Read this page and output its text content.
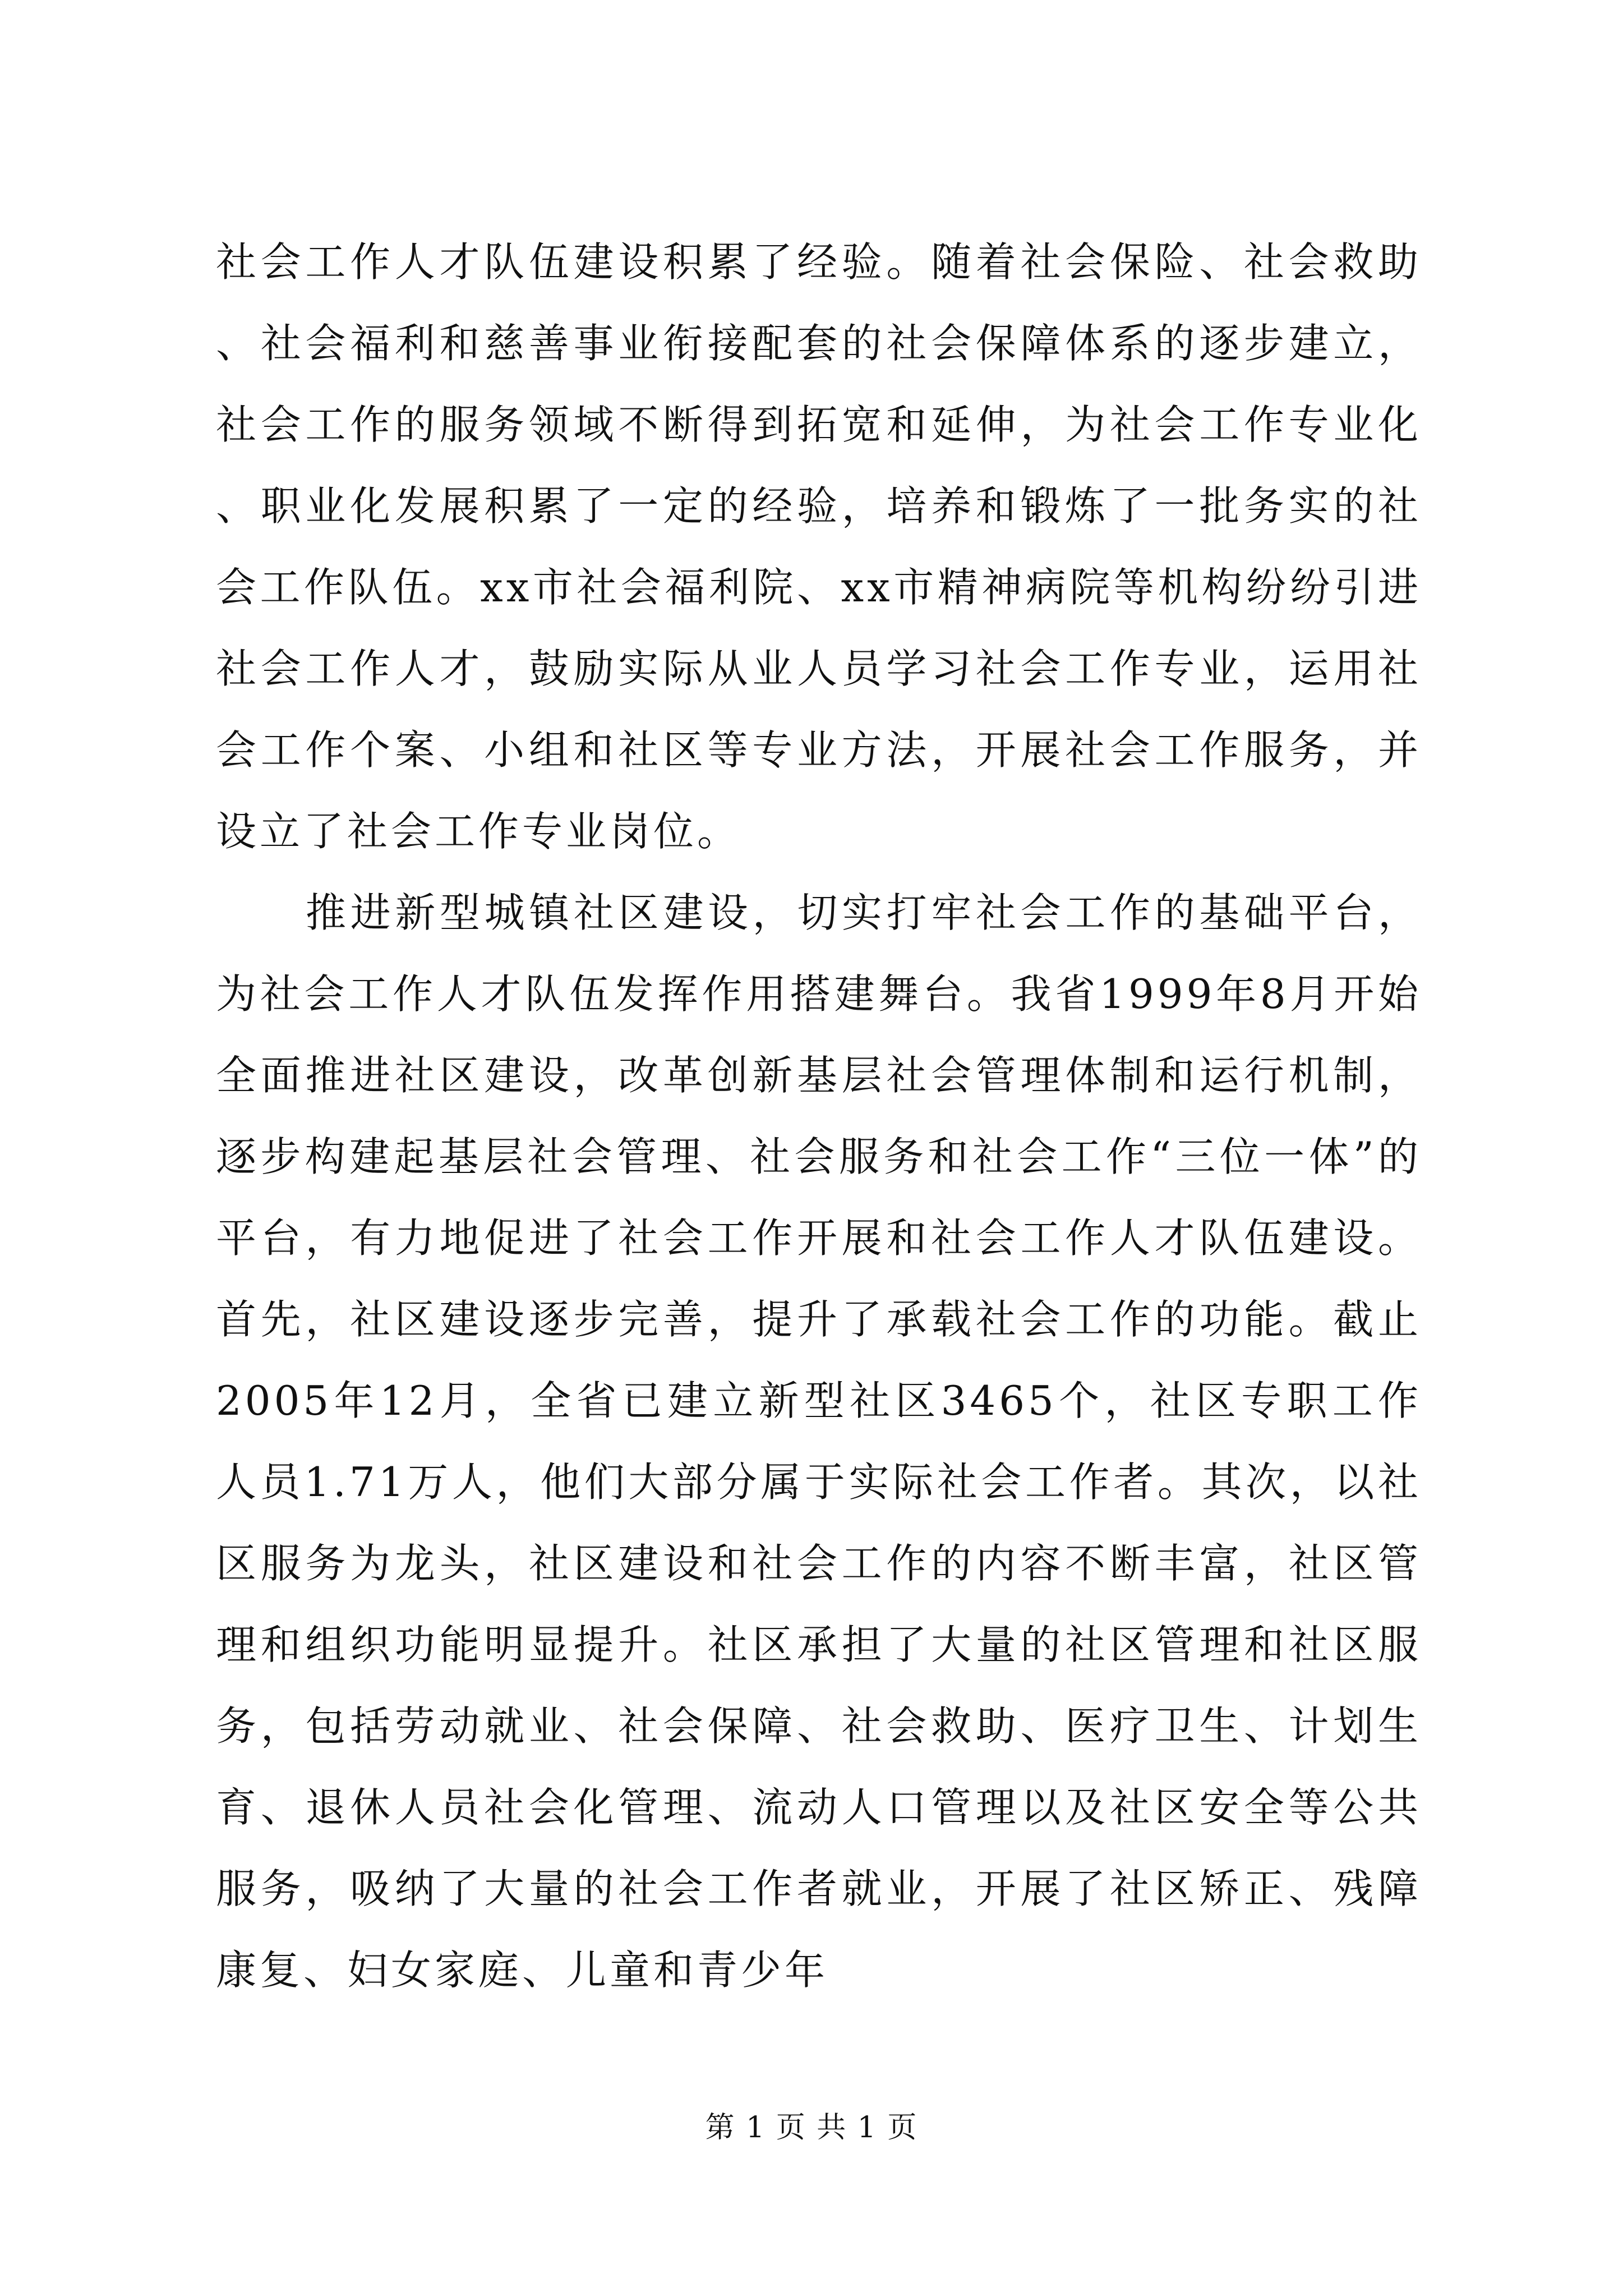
社会工作人才队伍建设积累了经验。随着社会保险、社会救助、社会福利和慈善事业衔接配套的社会保障体系的逐步建立，社会工作的服务领域不断得到拓宽和延伸，为社会工作专业化、职业化发展积累了一定的经验，培养和锻炼了一批务实的社会工作队伍。xx市社会福利院、xx市精神病院等机构纷纷引进社会工作人才，鼓励实际从业人员学习社会工作专业，运用社会工作个案、小组和社区等专业方法，开展社会工作服务，并设立了社会工作专业岗位。

推进新型城镇社区建设，切实打牢社会工作的基础平台，为社会工作人才队伍发挥作用搭建舞台。我省1999年8月开始全面推进社区建设，改革创新基层社会管理体制和运行机制，逐步构建起基层社会管理、社会服务和社会工作“三位一体”的平台，有力地促进了社会工作开展和社会工作人才队伍建设。首先，社区建设逐步完善，提升了承载社会工作的功能。截止2005年12月，全省已建立新型社区3465个，社区专职工作人员1.71万人，他们大部分属于实际社会工作者。其次，以社区服务为龙头，社区建设和社会工作的内容不断丰富，社区管理和组织功能明显提升。社区承担了大量的社区管理和社区服务，包括劳动就业、社会保障、社会救助、医疗卫生、计划生育、退休人员社会化管理、流动人口管理以及社区安全等公共服务，吸纳了大量的社会工作者就业，开展了社区矫正、残障康复、妇女家庭、儿童和青少年

第 1 页 共 1 页
